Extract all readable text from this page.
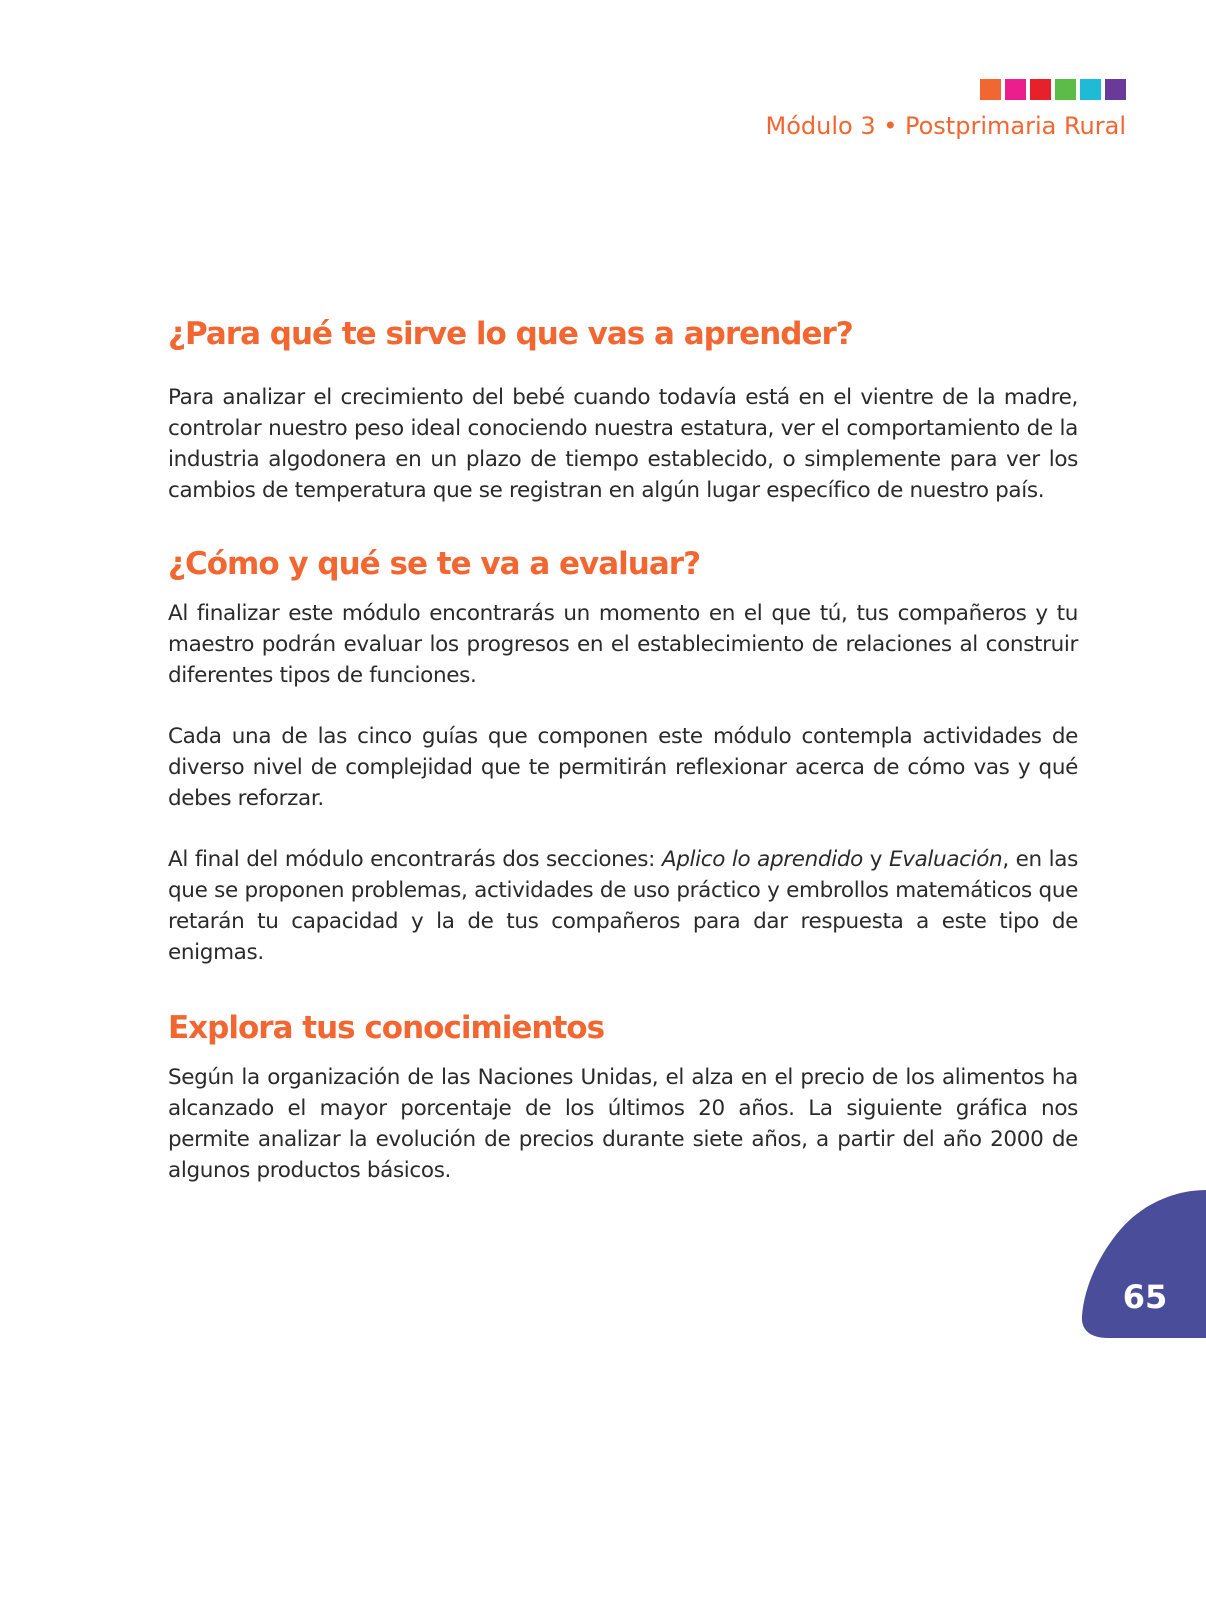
Módulo 3 • Postprimaria Rural
¿Para qué te sirve lo que vas a aprender?

Para analizar el crecimiento del bebé cuando todavía está en el vientre de la madre, controlar nuestro peso ideal conociendo nuestra estatura, ver el comportamiento de la industria algodonera en un plazo de tiempo establecido, o simplemente para ver los cambios de temperatura que se registran en algún lugar específico de nuestro país.

¿Cómo y qué se te va a evaluar?

Al finalizar este módulo encontrarás un momento en el que tú, tus compañeros y tu maestro podrán evaluar los progresos en el establecimiento de relaciones al construir diferentes tipos de funciones.

Cada una de las cinco guías que componen este módulo contempla actividades de diverso nivel de complejidad que te permitirán reflexionar acerca de cómo vas y qué debes reforzar.

Al final del módulo encontrarás dos secciones: Aplico lo aprendido y Evaluación, en las que se proponen problemas, actividades de uso práctico y embrollos matemáticos que retarán tu capacidad y la de tus compañeros para dar respuesta a este tipo de enigmas.

Explora tus conocimientos

Según la organización de las Naciones Unidas, el alza en el precio de los alimentos ha alcanzado el mayor porcentaje de los últimos 20 años. La siguiente gráfica nos permite analizar la evolución de precios durante siete años, a partir del año 2000 de algunos productos básicos.

65
